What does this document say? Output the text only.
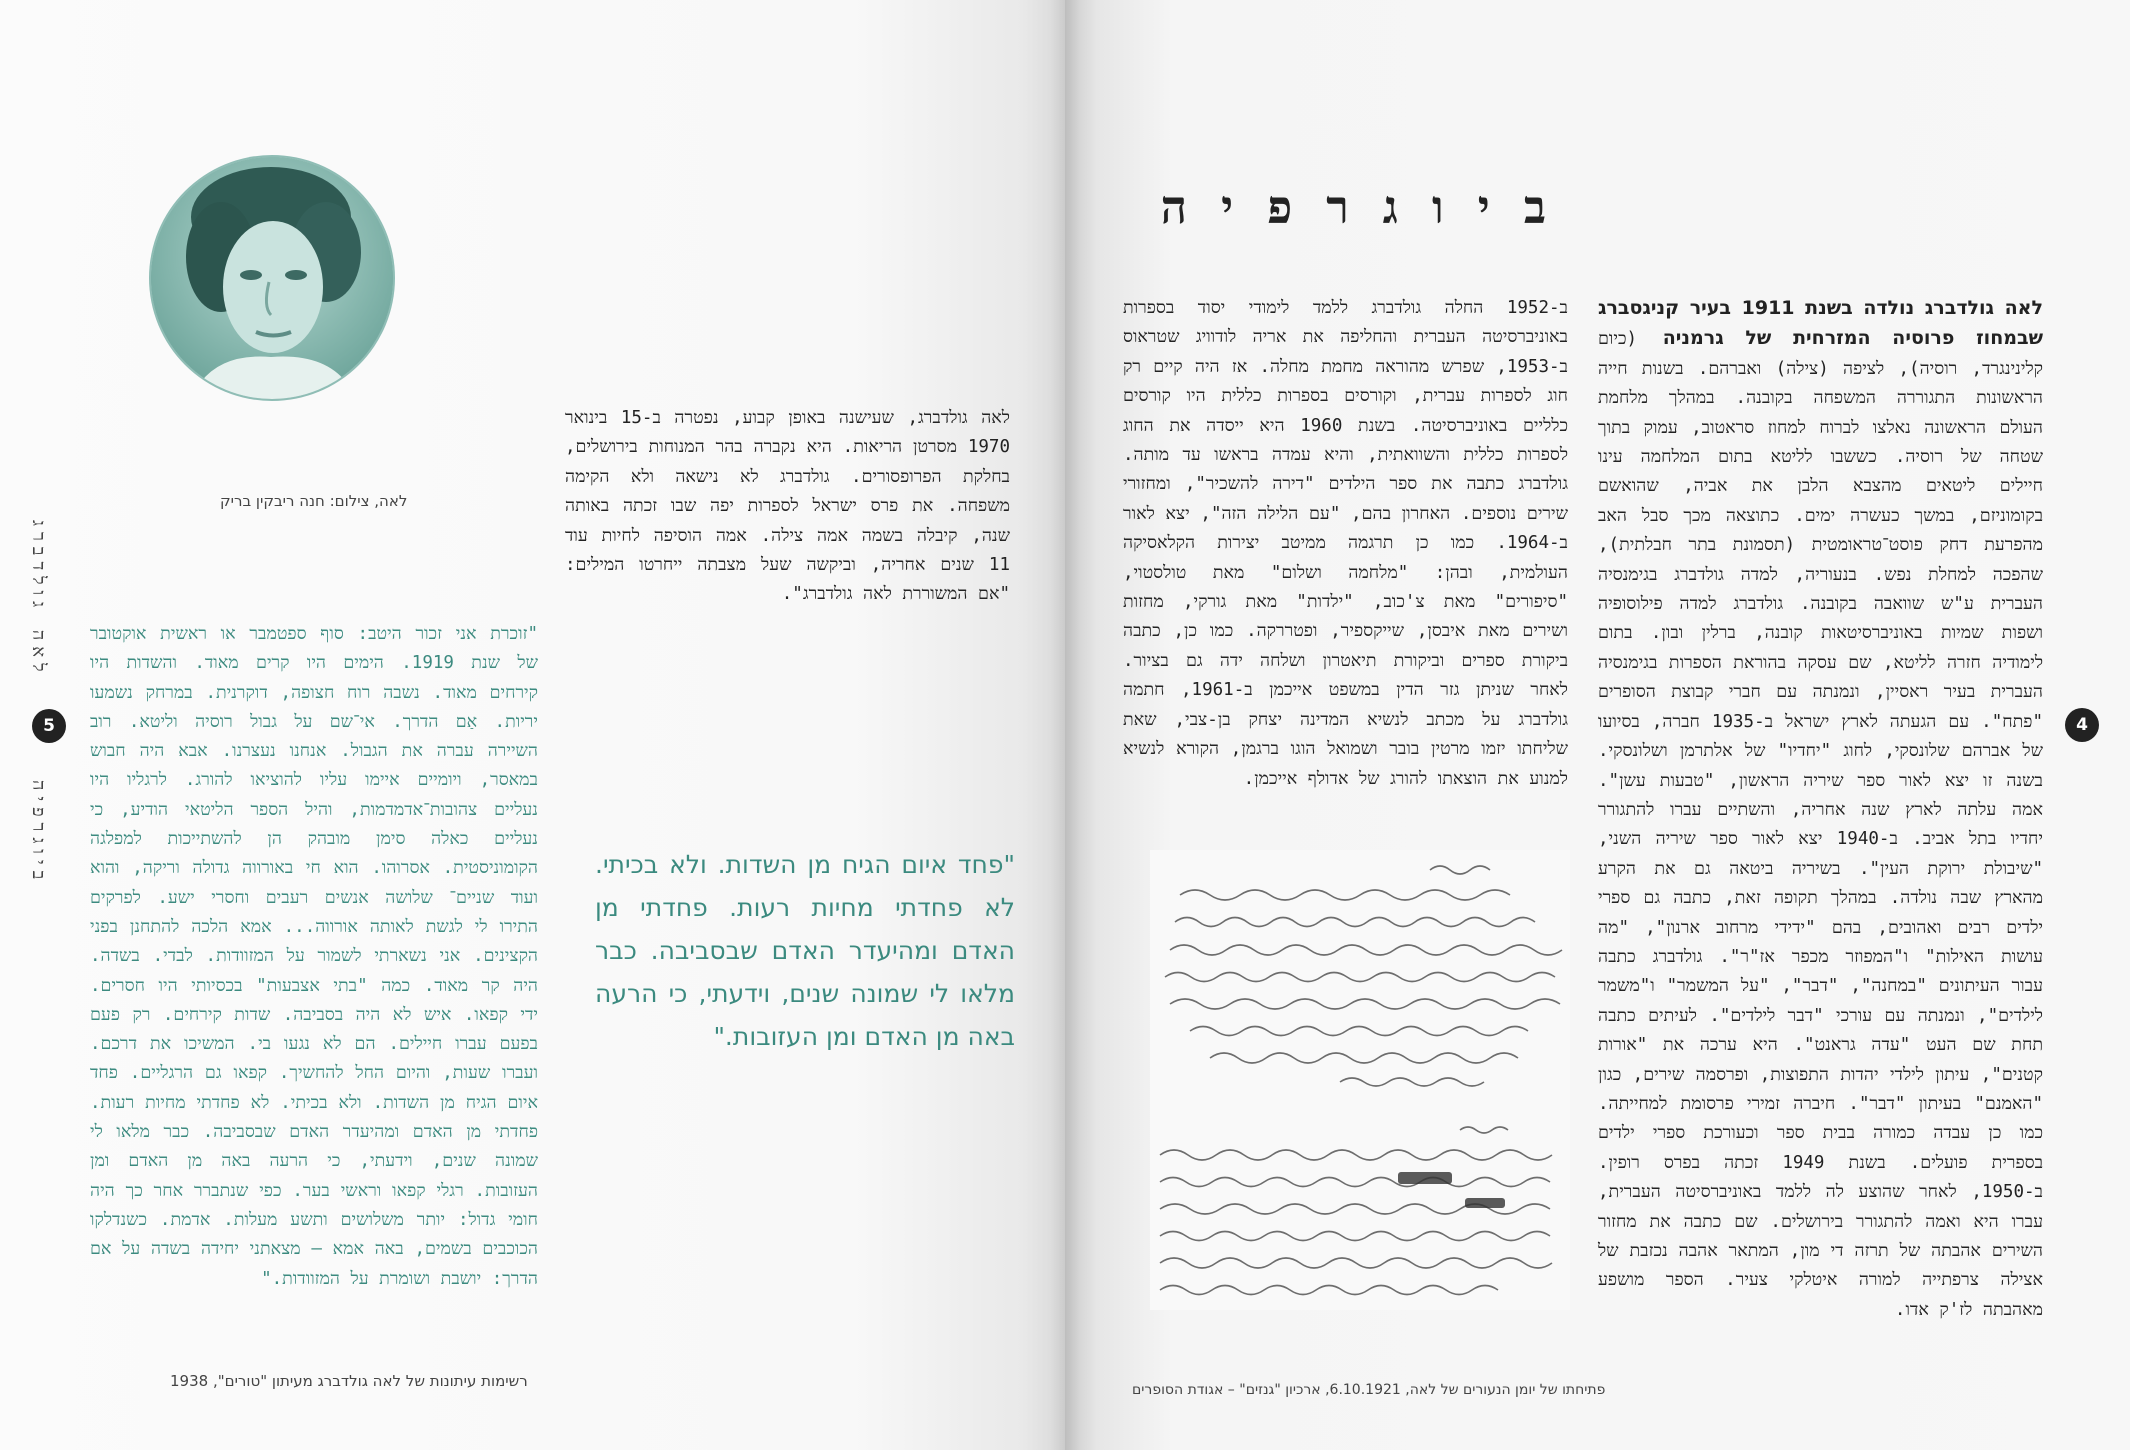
לאה, צילום: חנה ריבקין בריק
לאה גולדברג
5
ביוגרפיה
לאה גולדברג, שעישנה באופן קבוע, נפטרה ב-15 בינואר 1970 מסרטן הריאות. היא נקברה בהר המנוחות בירושלים, בחלקת הפרופסורים. גולדברג לא נישאה ולא הקימה משפחה. את פרס ישראל לספרות יפה שבו זכתה באותה שנה, קיבלה בשמה אמה צילה. אמה הוסיפה לחיות עוד 11 שנים אחריה, וביקשה שעל מצבתה ייחרטו המילים: "אם המשוררת לאה גולדברג".
"זוכרת אני זכור היטב: סוף ספטמבר או ראשית אוקטובר של שנת 1919. הימים היו קרים מאוד. והשדות היו קירחים מאוד. נשבה רוח חצופה, דוקרנית. במרחק נשמעו יריות. אַם הדרך. אי־שם על גבול רוסיה וליטא. רוב השיירה עברה את הגבול. אנחנו נעצרנו. אבא היה חבוש במאסר, ויומיים איימו עליו להוציאו להורג. לרגליו היו נעליים צהובות־אדמדמות, והיל הספר הליטאי הודיע, כי נעליים כאלה סימן מובהק הן להשתייכות למפלגה הקומוניסטית. אסרוהו. הוא חי באורווה גדולה וריקה, והוא ועוד שניים־ שלושה אנשים רעבים וחסרי ישע. לפרקים התירו לי לגשת לאותה אורווה... אמא הלכה להתחנן בפני הקצינים. אני נשארתי לשמור על המזוודות. לבדי. בשדה. היה קר מאוד. כמה "בתי אצבעות" בכסיותי היו חסרים. ידי קפאו. איש לא היה בסביבה. שדות קירחים. רק פעם בפעם עברו חיילים. הם לא נגעו בי. המשיכו את דרכם. ועברו שעות, והיום החל להחשיך. קפאו גם הרגליים. פחד איום הגיח מן השדות. ולא בכיתי. לא פחדתי מחיות רעות. פחדתי מן האדם ומהיעדר האדם שבסביבה. כבר מלאו לי שמונה שנים, וידעתי, כי הרעה באה מן האדם ומן העזובות. רגלי קפאו וראשי בער. כפי שנתברר אחר כך היה חומי גדול: יותר משלושים ותשע מעלות. אדמת. כשנדלקו הכוכבים בשמים, באה אמא — מצאתני יחידה בשדה על אם הדרך: יושבת ושומרת על המזוודות."
"פחד איום הגיח מן השדות. ולא בכיתי. לא פחדתי מחיות רעות. פחדתי מן האדם ומהיעדר האדם שבסביבה. כבר מלאו לי שמונה שנים, וידעתי, כי הרעה באה מן האדם ומן העזובות."
רשימות עיתונות של לאה גולדברג מעיתון "טורים", 1938
4
ביוגרפיה
לאה גולדברג נולדה בשנת 1911 בעיר קניגסברג שבמחוז פרוסיה המזרחית של גרמניה (כיום קלינינגרד, רוסיה), לציפה (צילה) ואברהם. בשנות חייה הראשונות התגוררה המשפחה בקובנה. במהלך מלחמת העולם הראשונה נאלצו לברוח למחוז סראטוב, עמוק בתוך שטחה של רוסיה. כששבו לליטא בתום המלחמה עינו חיילים ליטאים מהצבא הלבן את אביה, שהואשם בקומוניזם, במשך כעשרה ימים. כתוצאה מכך סבל האב מהפרעת דחק פוסט־טראומטית (תסמונת בתר חבלתית), שהפכה למחלת נפש. בנעוריה, למדה גולדברג בגימנסיה העברית ע"ש שוואבה בקובנה. גולדברג למדה פילוסופיה ושפות שמיות באוניברסיטאות קובנה, ברלין ובון. בתום לימודיה חזרה לליטא, שם עסקה בהוראת הספרות בגימנסיה העברית בעיר ראסיין, ונמנתה עם חברי קבוצת הסופרים "פתח". עם הגעתה לארץ ישראל ב-1935 חברה, בסיועו של אברהם שלונסקי, לחוג "יחדיו" של אלתרמן ושלונסקי. בשנה זו יצא לאור ספר שיריה הראשון, "טבעות עשן". אמה עלתה לארץ שנה אחריה, והשתיים עברו להתגורר יחדיו בתל אביב. ב-1940 יצא לאור ספר שיריה השני, "שיבולת ירוקת העין". בשיריה ביטאה גם את הקרע מהארץ שבה נולדה. במהלך תקופה זאת, כתבה גם ספרי ילדים רבים ואהובים, בהם "ידידי מרחוב ארנון", "מה עושות האילות" ו"המפוזר מכפר אז"ר". גולדברג כתבה עבור העיתונים "במחנה", "דבר", "על המשמר" ו"משמר לילדים", ונמנתה עם עורכי "דבר לילדים". לעיתים כתבה תחת שם העט "עדה גראנט". היא ערכה את "אורות קטנים", עיתון לילדי יהדות התפוצות, ופרסמה שירים, כגון "האמנם" בעיתון "דבר". חיברה זמירי פרסומת למחייתה. כמו כן עבדה כמורה בבית ספר וכעורכת ספרי ילדים בספרית פועלים. בשנת 1949 זכתה בפרס רופין. ב-1950, לאחר שהוצע לה ללמד באוניברסיטה העברית, עברו היא ואמה להתגורר בירושלים. שם כתבה את מחזור השירים אהבתה של תרזה די מון, המתאר אהבה נכזבת של אצילה צרפתייה למורה איטלקי צעיר. הספר מושפע מאהבתה לז'ק אדו.
ב-1952 החלה גולדברג ללמד לימודי יסוד בספרות באוניברסיטה העברית והחליפה את אריה לודוויג שטראוס ב-1953, שפרש מהוראה מחמת מחלה. אז היה קיים רק חוג לספרות עברית, וקורסים בספרות כללית היו קורסים כלליים באוניברסיטה. בשנת 1960 היא ייסדה את החוג לספרות כללית והשוואתית, והיא עמדה בראשו עד מותה. גולדברג כתבה את ספר הילדים "דירה להשכיר", ומחזורי שירים נוספים. האחרון בהם, "עם הלילה הזה", יצא לאור ב-1964. כמו כן תרגמה ממיטב יצירות הקלאסיקה העולמית, ובהן: "מלחמה ושלום" מאת טולסטוי, "סיפורים" מאת צ'כוב, "ילדות" מאת גורקי, מחזות ושירים מאת איבסן, שייקספיר, ופטררקה. כמו כן, כתבה ביקורת ספרים וביקורת תיאטרון ושלחה ידה גם בציור. לאחר שניתן גזר הדין במשפט אייכמן ב-1961, חתמה גולדברג על מכתב לנשיא המדינה יצחק בן-צבי, שאת שליחתו יזמו מרטין בובר ושמואל הוגו ברגמן, הקורא לנשיא למנוע את הוצאתו להורג של אדולף אייכמן.
פתיחתו של יומן הנעורים של לאה, 6.10.1921, ארכיון "גנזים" – אגודת הסופרים
